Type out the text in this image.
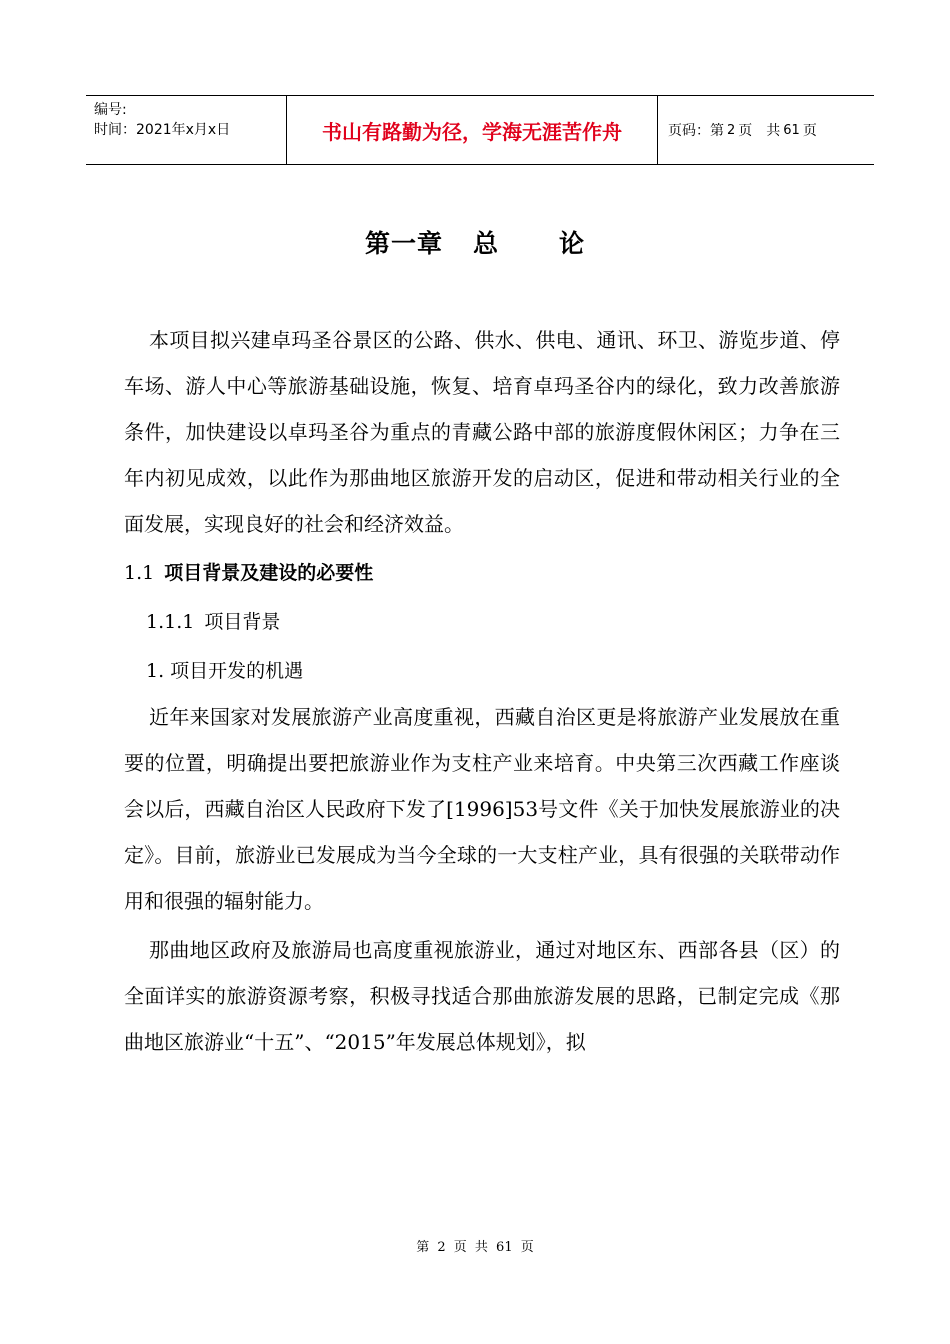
编号:
时间：2021年x月x日	书山有路勤为径，学海无涯苦作舟	页码：第 2 页　共 61 页
第一章 总 论

本项目拟兴建卓玛圣谷景区的公路、供水、供电、通讯、环卫、游览步道、停车场、游人中心等旅游基础设施，恢复、培育卓玛圣谷内的绿化，致力改善旅游条件，加快建设以卓玛圣谷为重点的青藏公路中部的旅游度假休闲区；力争在三年内初见成效，以此作为那曲地区旅游开发的启动区，促进和带动相关行业的全面发展，实现良好的社会和经济效益。

1.1 项目背景及建设的必要性
1.1.1 项目背景
1. 项目开发的机遇

近年来国家对发展旅游产业高度重视，西藏自治区更是将旅游产业发展放在重要的位置，明确提出要把旅游业作为支柱产业来培育。中央第三次西藏工作座谈会以后，西藏自治区人民政府下发了[1996]53号文件《关于加快发展旅游业的决定》。目前，旅游业已发展成为当今全球的一大支柱产业，具有很强的关联带动作用和很强的辐射能力。

那曲地区政府及旅游局也高度重视旅游业，通过对地区东、西部各县（区）的全面详实的旅游资源考察，积极寻找适合那曲旅游发展的思路，已制定完成《那曲地区旅游业“十五”、“2015”年发展总体规划》，拟

第 2 页 共 61 页
